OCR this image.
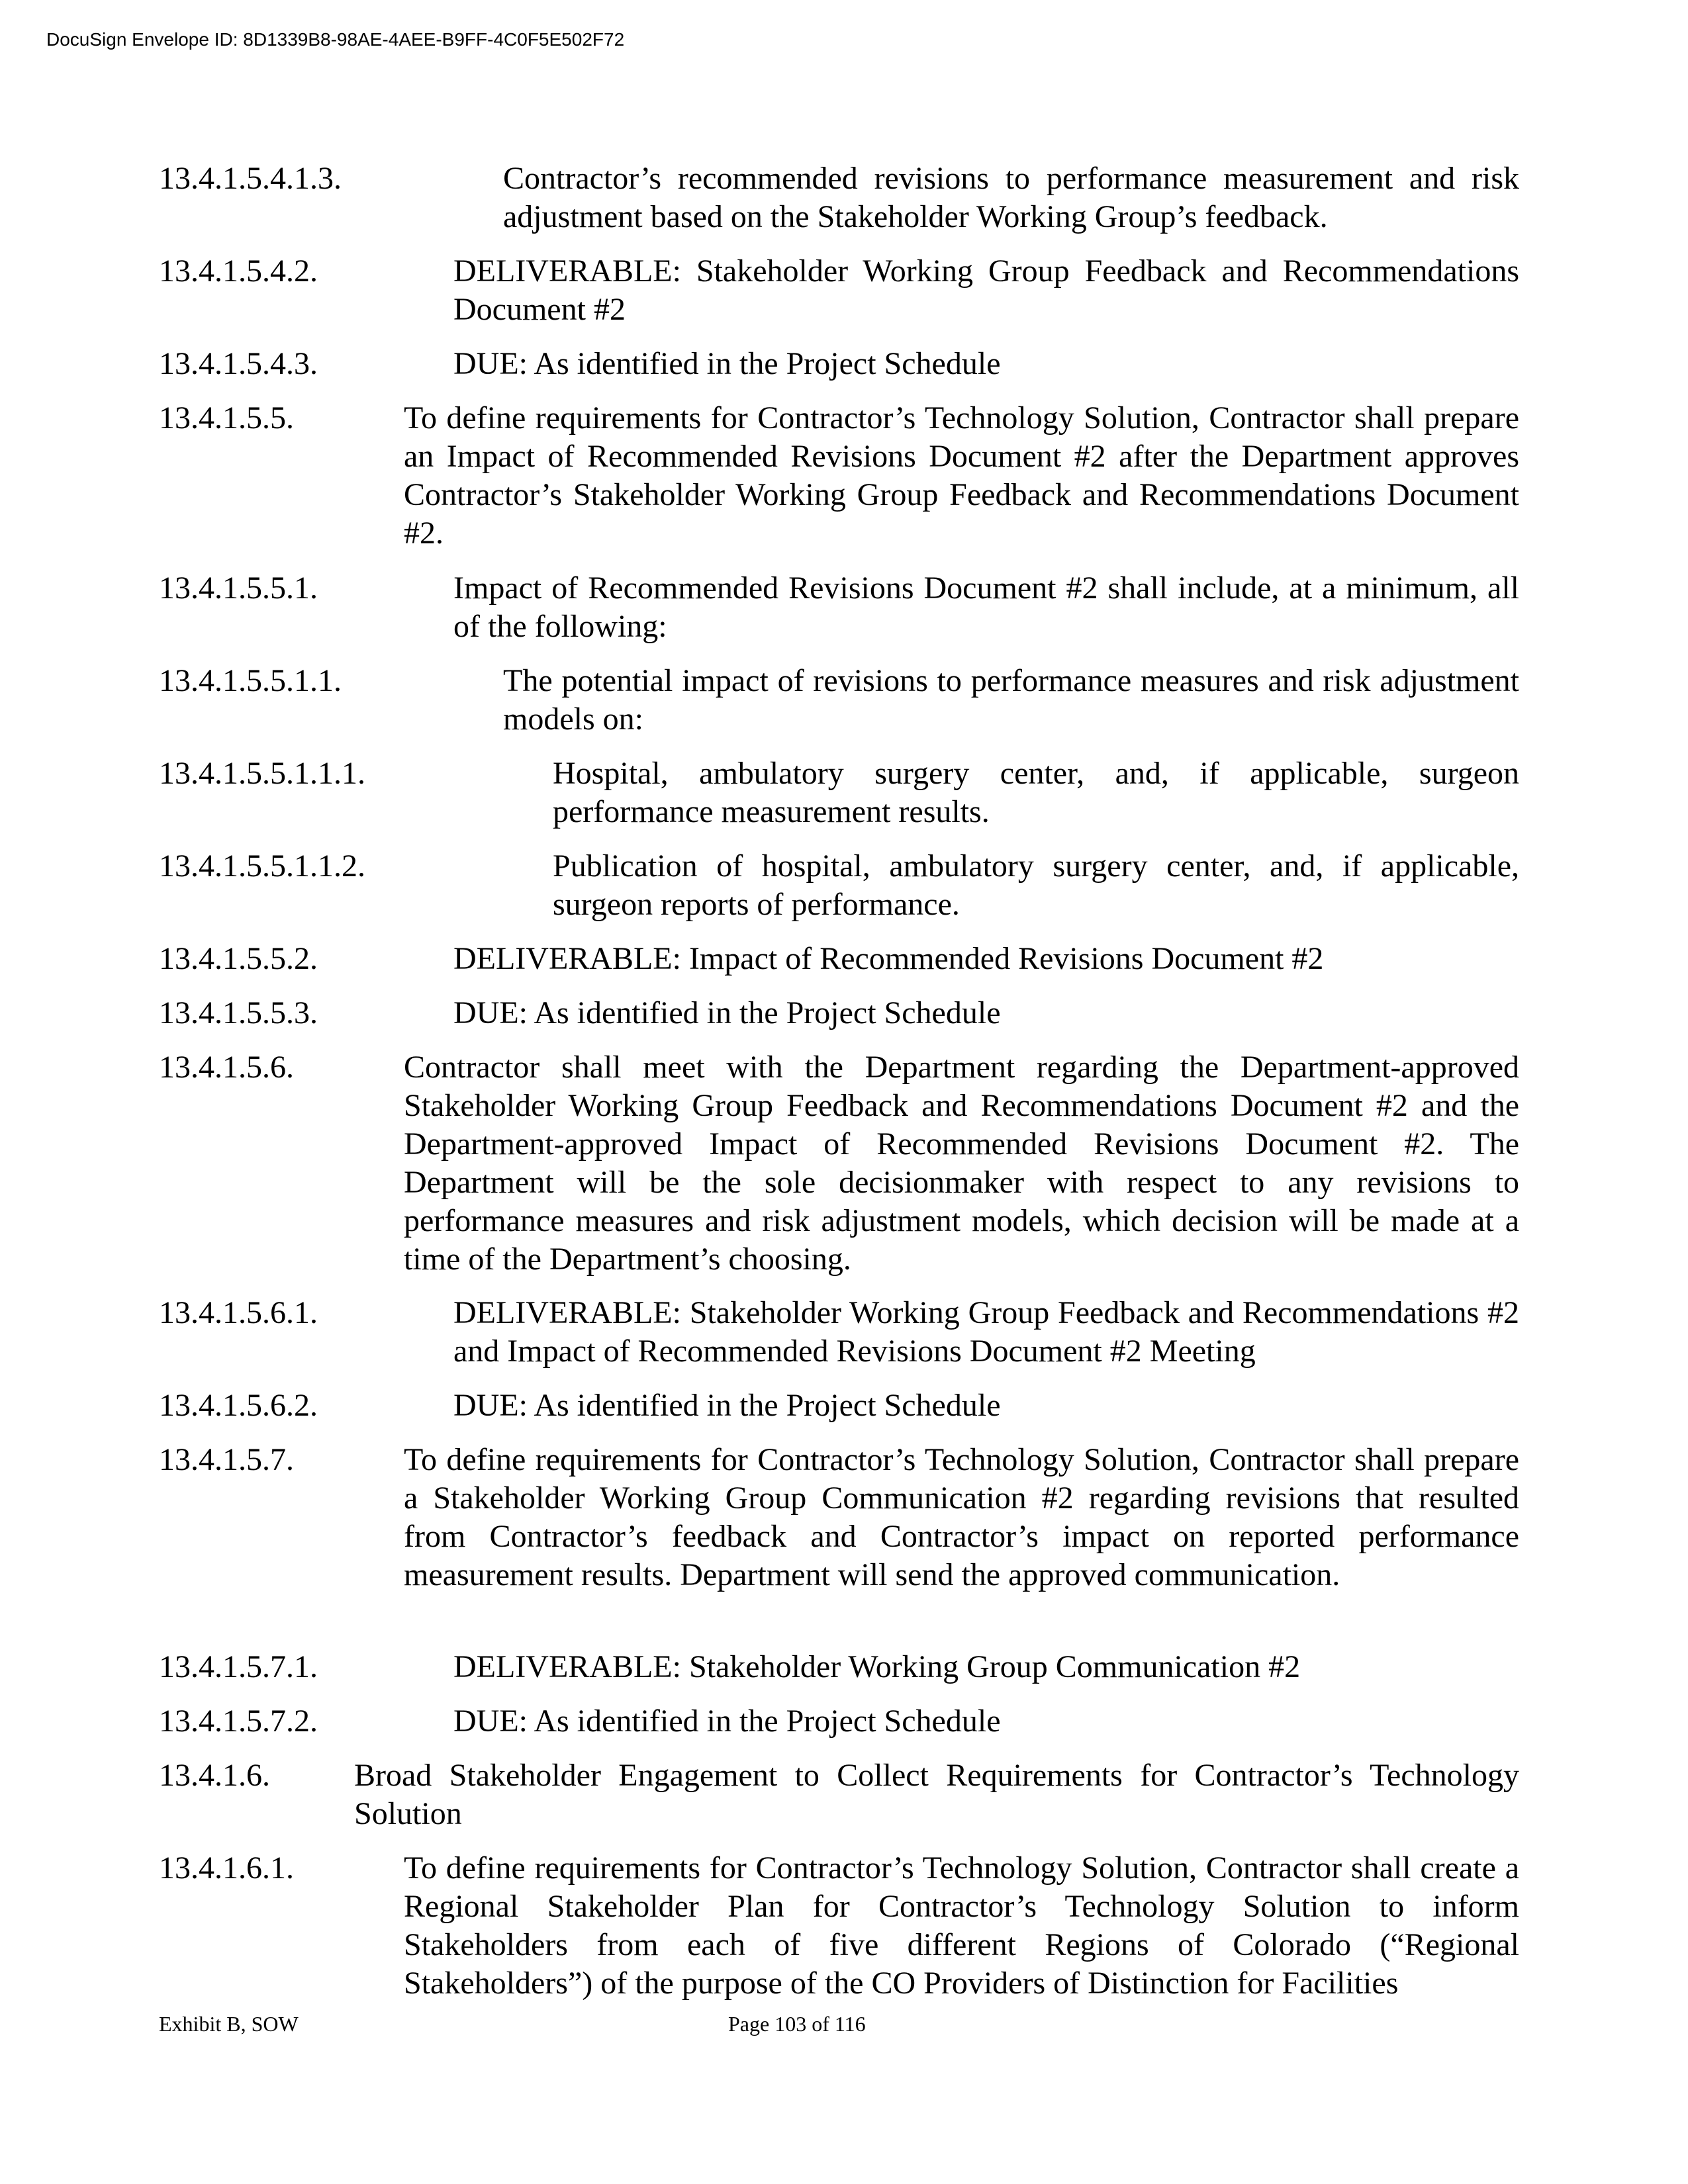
DocuSign Envelope ID: 8D1339B8-98AE-4AEE-B9FF-4C0F5E502F72
13.4.1.5.4.1.3.	Contractor’s recommended revisions to performance measurement and risk adjustment based on the Stakeholder Working Group’s feedback.
13.4.1.5.4.2.	DELIVERABLE: Stakeholder Working Group Feedback and Recommendations Document #2
13.4.1.5.4.3.	DUE: As identified in the Project Schedule
13.4.1.5.5.	To define requirements for Contractor’s Technology Solution, Contractor shall prepare an Impact of Recommended Revisions Document #2 after the Department approves Contractor’s Stakeholder Working Group Feedback and Recommendations Document #2.
13.4.1.5.5.1.	Impact of Recommended Revisions Document #2 shall include, at a minimum, all of the following:
13.4.1.5.5.1.1.	The potential impact of revisions to performance measures and risk adjustment models on:
13.4.1.5.5.1.1.1.	Hospital, ambulatory surgery center, and, if applicable, surgeon performance measurement results.
13.4.1.5.5.1.1.2.	Publication of hospital, ambulatory surgery center, and, if applicable, surgeon reports of performance.
13.4.1.5.5.2.	DELIVERABLE: Impact of Recommended Revisions Document #2
13.4.1.5.5.3.	DUE: As identified in the Project Schedule
13.4.1.5.6.	Contractor shall meet with the Department regarding the Department-approved Stakeholder Working Group Feedback and Recommendations Document #2 and the Department-approved Impact of Recommended Revisions Document #2. The Department will be the sole decisionmaker with respect to any revisions to performance measures and risk adjustment models, which decision will be made at a time of the Department’s choosing.
13.4.1.5.6.1.	DELIVERABLE: Stakeholder Working Group Feedback and Recommendations #2 and Impact of Recommended Revisions Document #2 Meeting
13.4.1.5.6.2.	DUE: As identified in the Project Schedule
13.4.1.5.7.	To define requirements for Contractor’s Technology Solution, Contractor shall prepare a Stakeholder Working Group Communication #2 regarding revisions that resulted from Contractor’s feedback and Contractor’s impact on reported performance measurement results. Department will send the approved communication.
13.4.1.5.7.1.	DELIVERABLE: Stakeholder Working Group Communication #2
13.4.1.5.7.2.	DUE: As identified in the Project Schedule
13.4.1.6.	Broad Stakeholder Engagement to Collect Requirements for Contractor’s Technology Solution
13.4.1.6.1.	To define requirements for Contractor’s Technology Solution, Contractor shall create a Regional Stakeholder Plan for Contractor’s Technology Solution to inform Stakeholders from each of five different Regions of Colorado (“Regional Stakeholders”) of the purpose of the CO Providers of Distinction for Facilities
Exhibit B, SOW	Page 103 of 116
